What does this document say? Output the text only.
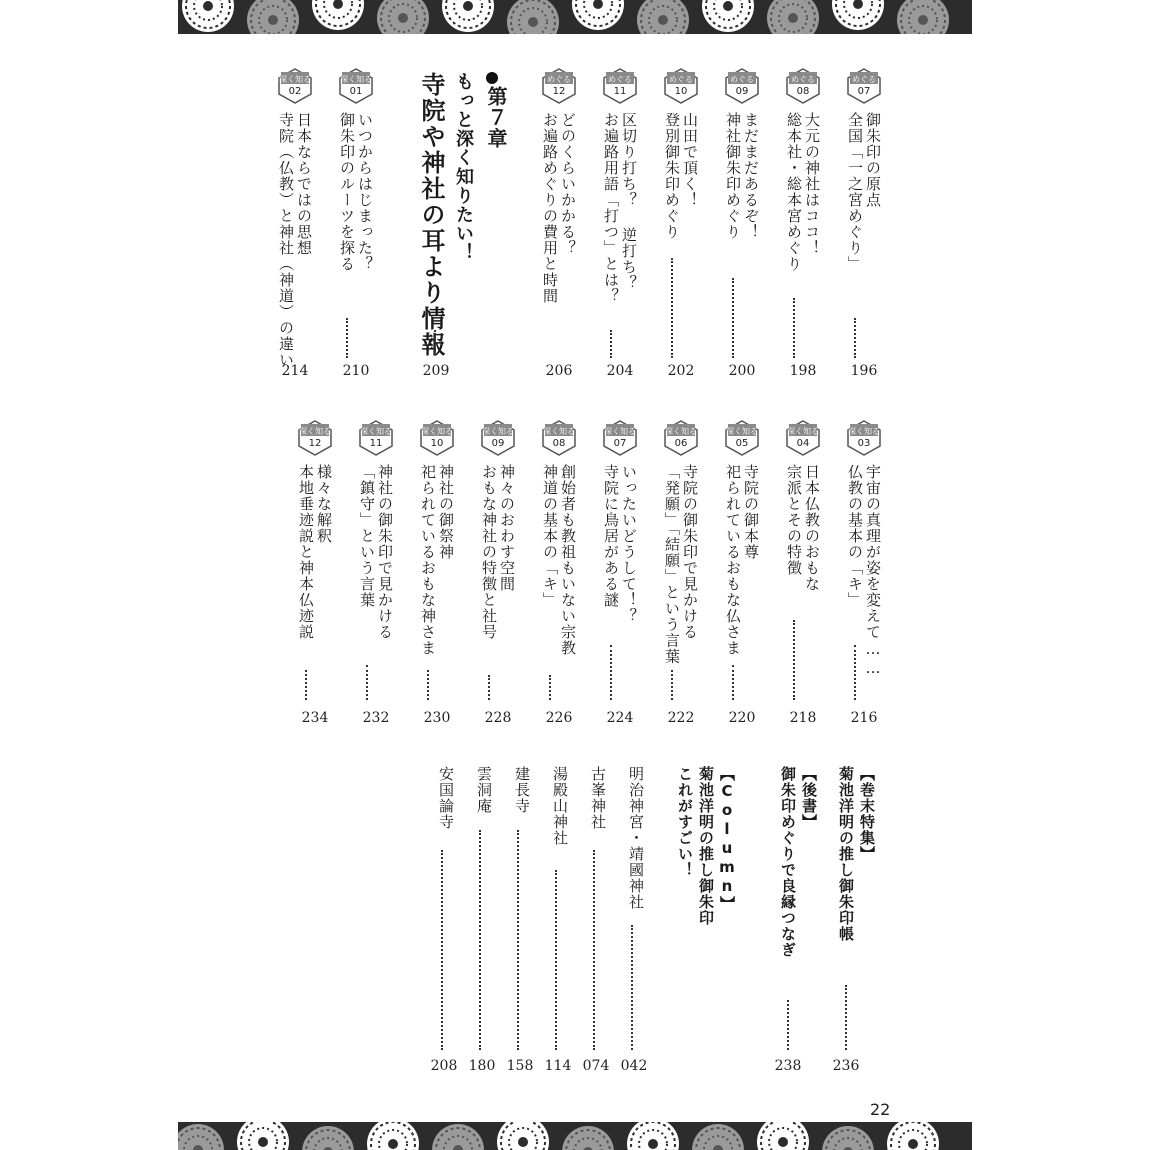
めぐる
07
御朱印の原点
全国「一之宮めぐり」
196
めぐる
08
大元の神社はココ！
総本社・総本宮めぐり
198
めぐる
09
まだまだあるぞ！
神社御朱印めぐり
200
めぐる
10
山田で頂く！
登別御朱印めぐり
202
めぐる
11
区切り打ち？ 逆打ち？
お遍路用語「打つ」とは？
204
めぐる
12
どのくらいかかる？
お遍路めぐりの費用と時間
206
第７章
もっと深く知りたい！
寺院や神社の耳より情報
209
深く知る
01
いつからはじまった？
御朱印のルーツを探る
210
深く知る
02
日本ならではの思想
寺院（仏教）と神社（神道）の違い
214
深く知る
03
宇宙の真理が姿を変えて……
仏教の基本の「キ」
216
深く知る
04
日本仏教のおもな
宗派とその特徴
218
深く知る
05
寺院の御本尊
祀られているおもな仏さま
220
深く知る
06
寺院の御朱印で見かける
「発願」「結願」という言葉
222
深く知る
07
いったいどうして！？
寺院に鳥居がある謎
224
深く知る
08
創始者も教祖もいない宗教
神道の基本の「キ」
226
深く知る
09
神々のおわす空間
おもな神社の特徴と社号
228
深く知る
10
神社の御祭神
祀られているおもな神さま
230
深く知る
11
神社の御朱印で見かける
「鎮守」という言葉
232
深く知る
12
様々な解釈
本地垂迹説と神本仏迹説
234
【巻末特集】
菊池洋明の推し御朱印帳
236
【後書】
御朱印めぐりで良縁つなぎ
238
【Column】
菊池洋明の推し御朱印
これがすごい！
明治神宮・靖國神社
042
古峯神社
074
湯殿山神社
114
建長寺
158
雲洞庵
180
安国論寺
208
22
